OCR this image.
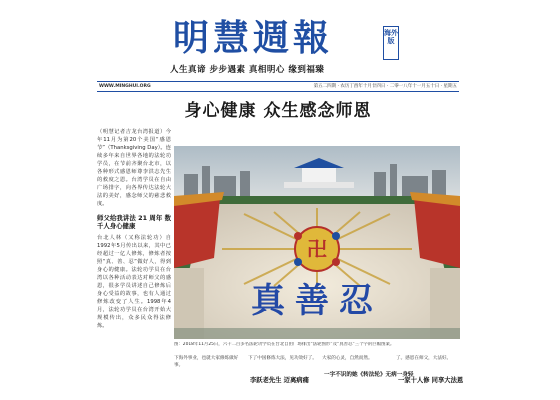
明慧週報	海外版
人生真谛 步步遇素 真相明心 缘到福臻
WWW.MINGHUI.ORG	第五二四期 · 农历丁酉年十月廿四日 · 二零一八年十一月五十日 · 星期五
身心健康 众生感念师恩

（明慧记者吉龙台湾报道）今年11月为第20个美国“感恩节”（Thanksgiving Day）。连续多年来自世界各地的法轮功学员，在节前齐聚台北市，以各种形式感恩师尊李洪志先生的救度之恩。台湾学员在自由广场排字，向各界传达法轮大法的美好，感念师父的慈悲救度。

师父给我讲法 21 周年 数千人身心健康

台北人林（又称法轮功）自1992年5月传出以来，其中已经超过一亿人修炼，修炼者按照“真、善、忍”做好人，得到身心的健康。法轮功学员在台湾以各种活动表达对师父的感恩，很多学员讲述自己修炼后身心受益的故事，也有人通过修炼改变了人生。1998年4月，法轮功学员在台湾开始大规模传出，众多民众得法修炼。

卍
真善忍
图：2018年11月25日，六千二百多名法轮功学员在台北自由广场排出“法轮图形”及“真善忍”三个字的巨幅图案。
下海外事业，也就大家修炼做好事。
下了中国修炼大法，见功效好了。 大家的心灵，自然而然。	了。感恩在师父，大法好。
李跃老先生 迈离病痛
一字不识的她《转法轮》无病一身轻
一家十人修 同享大法恩
